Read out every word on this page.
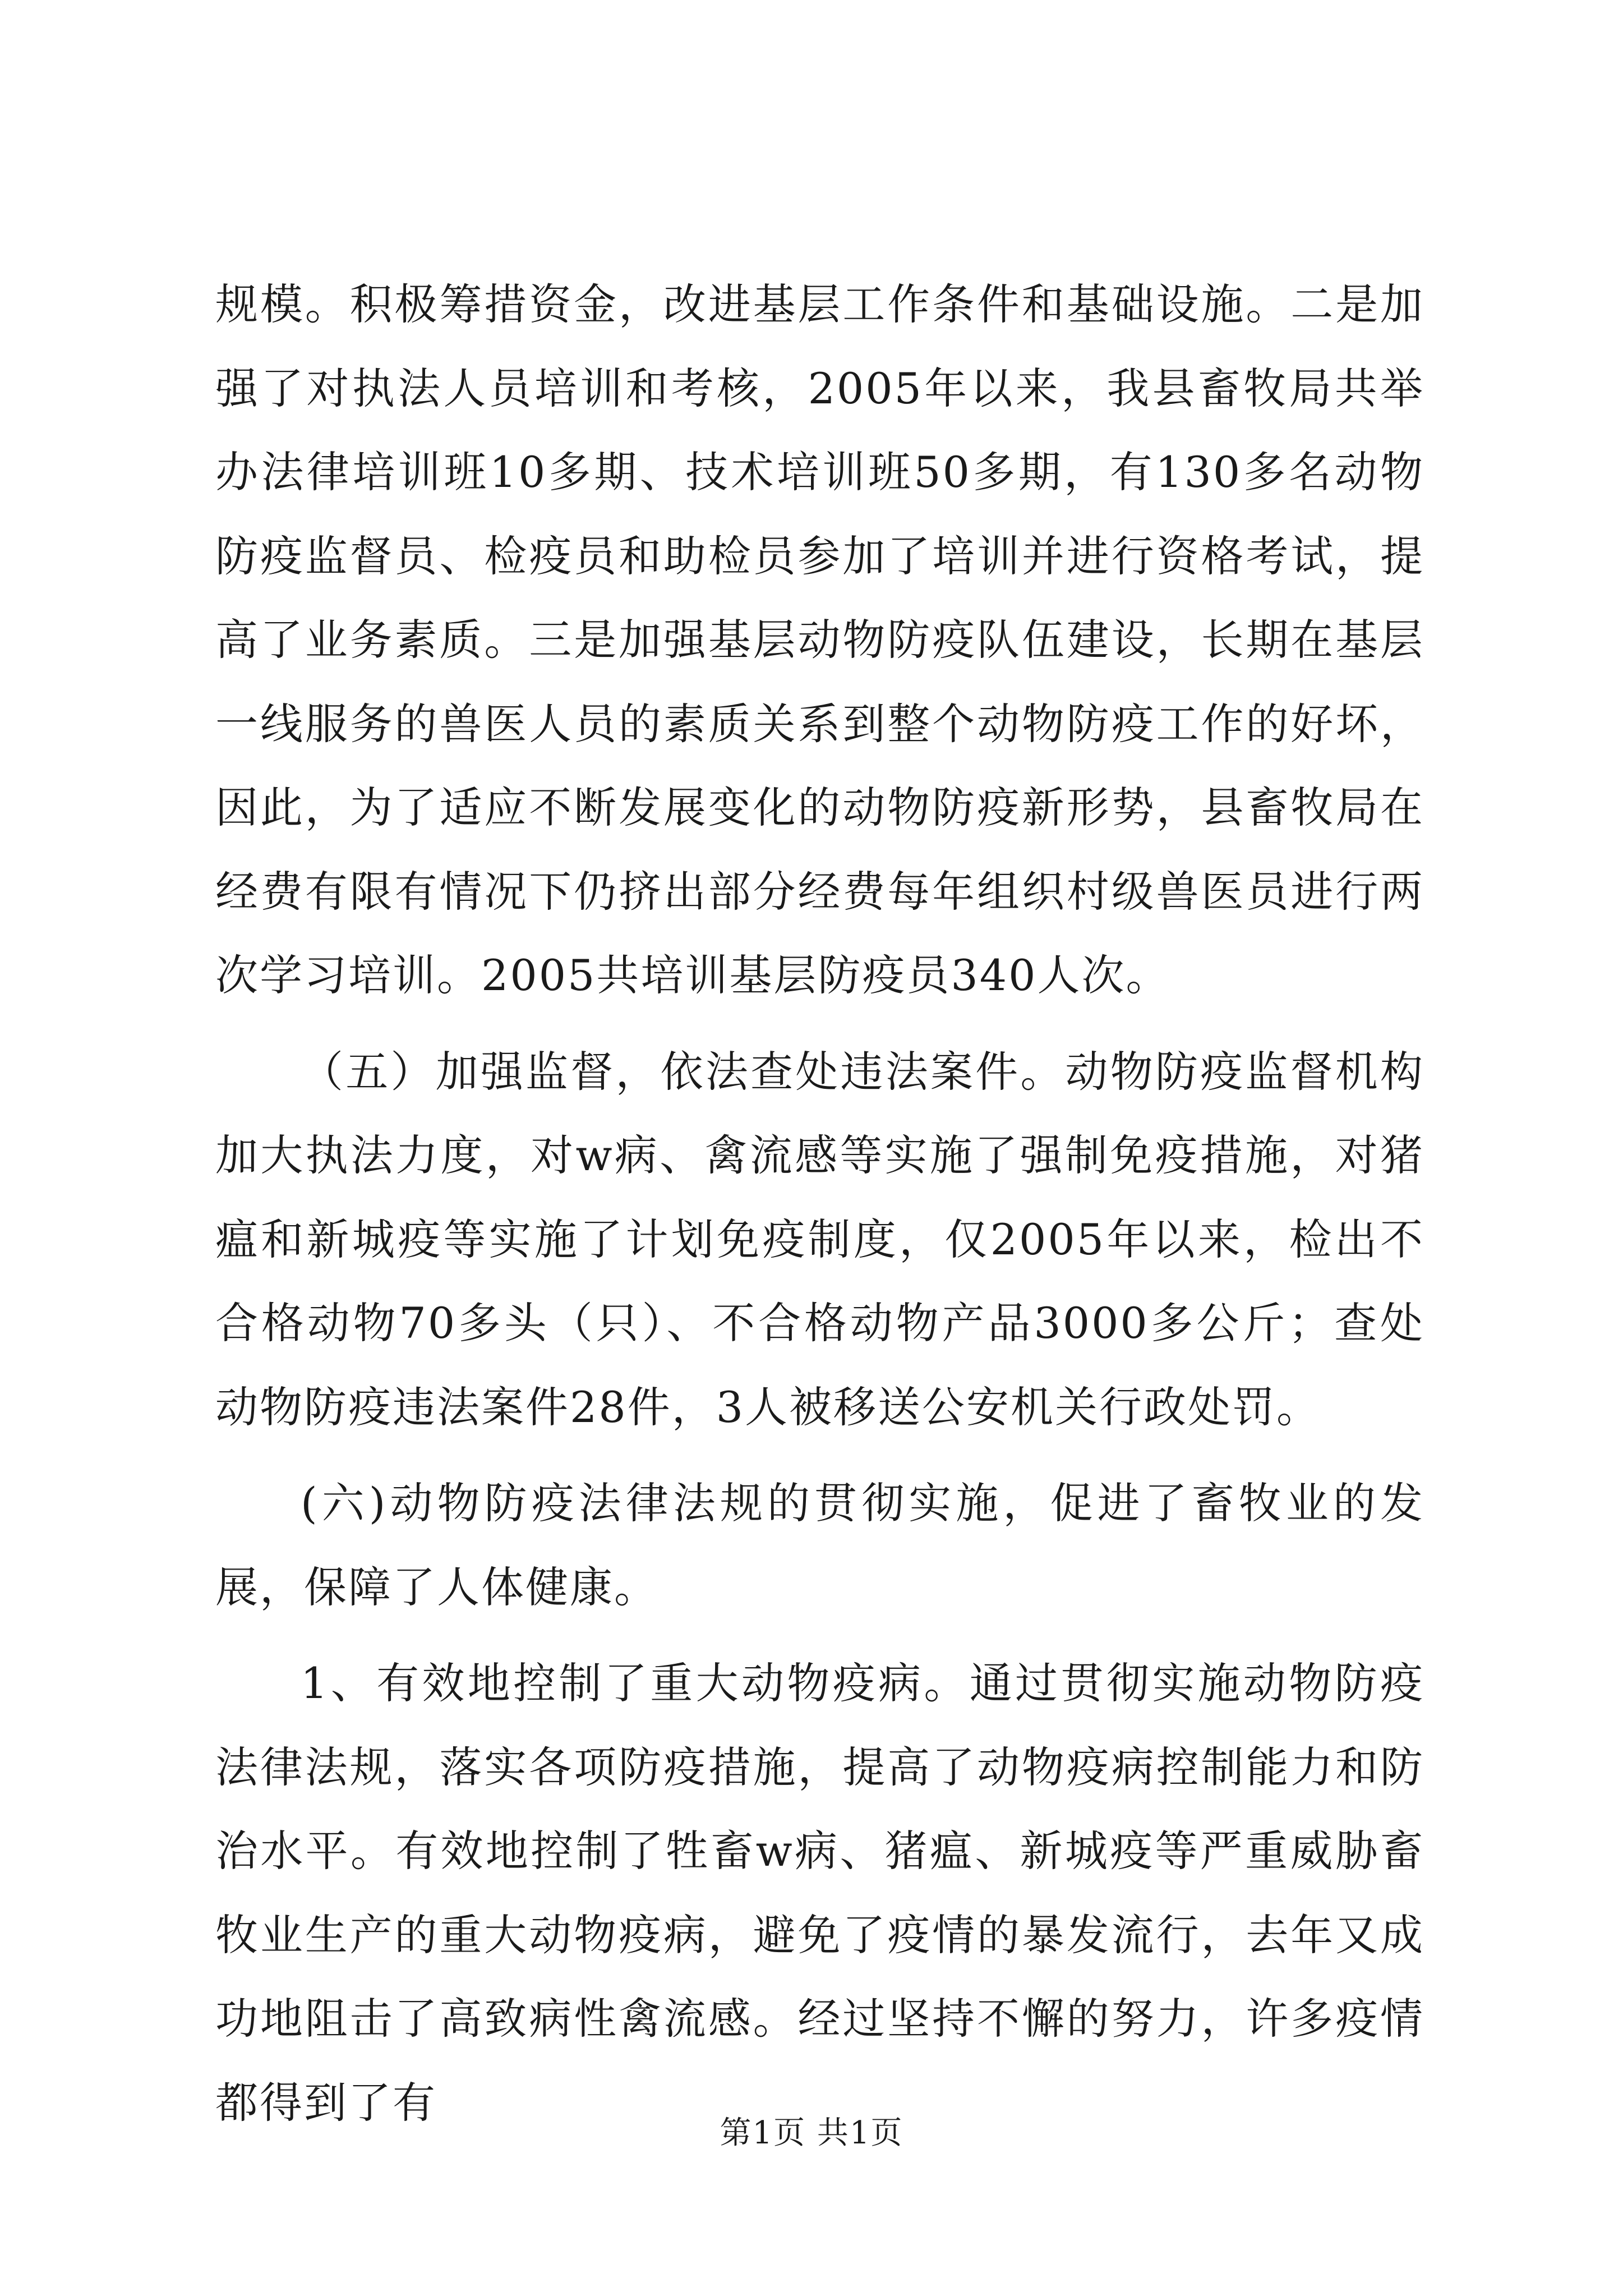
规模。积极筹措资金，改进基层工作条件和基础设施。二是加强了对执法人员培训和考核，2005年以来，我县畜牧局共举办法律培训班10多期、技术培训班50多期，有130多名动物防疫监督员、检疫员和助检员参加了培训并进行资格考试，提高了业务素质。三是加强基层动物防疫队伍建设，长期在基层一线服务的兽医人员的素质关系到整个动物防疫工作的好坏，因此，为了适应不断发展变化的动物防疫新形势，县畜牧局在经费有限有情况下仍挤出部分经费每年组织村级兽医员进行两次学习培训。2005共培训基层防疫员340人次。

（五）加强监督，依法查处违法案件。动物防疫监督机构加大执法力度，对w病、禽流感等实施了强制免疫措施，对猪瘟和新城疫等实施了计划免疫制度，仅2005年以来，检出不合格动物70多头（只）、不合格动物产品3000多公斤；查处动物防疫违法案件28件，3人被移送公安机关行政处罚。

(六)动物防疫法律法规的贯彻实施，促进了畜牧业的发展，保障了人体健康。

1、有效地控制了重大动物疫病。通过贯彻实施动物防疫法律法规，落实各项防疫措施，提高了动物疫病控制能力和防治水平。有效地控制了牲畜w病、猪瘟、新城疫等严重威胁畜牧业生产的重大动物疫病，避免了疫情的暴发流行，去年又成功地阻击了高致病性禽流感。经过坚持不懈的努力，许多疫情都得到了有

第1页 共1页
